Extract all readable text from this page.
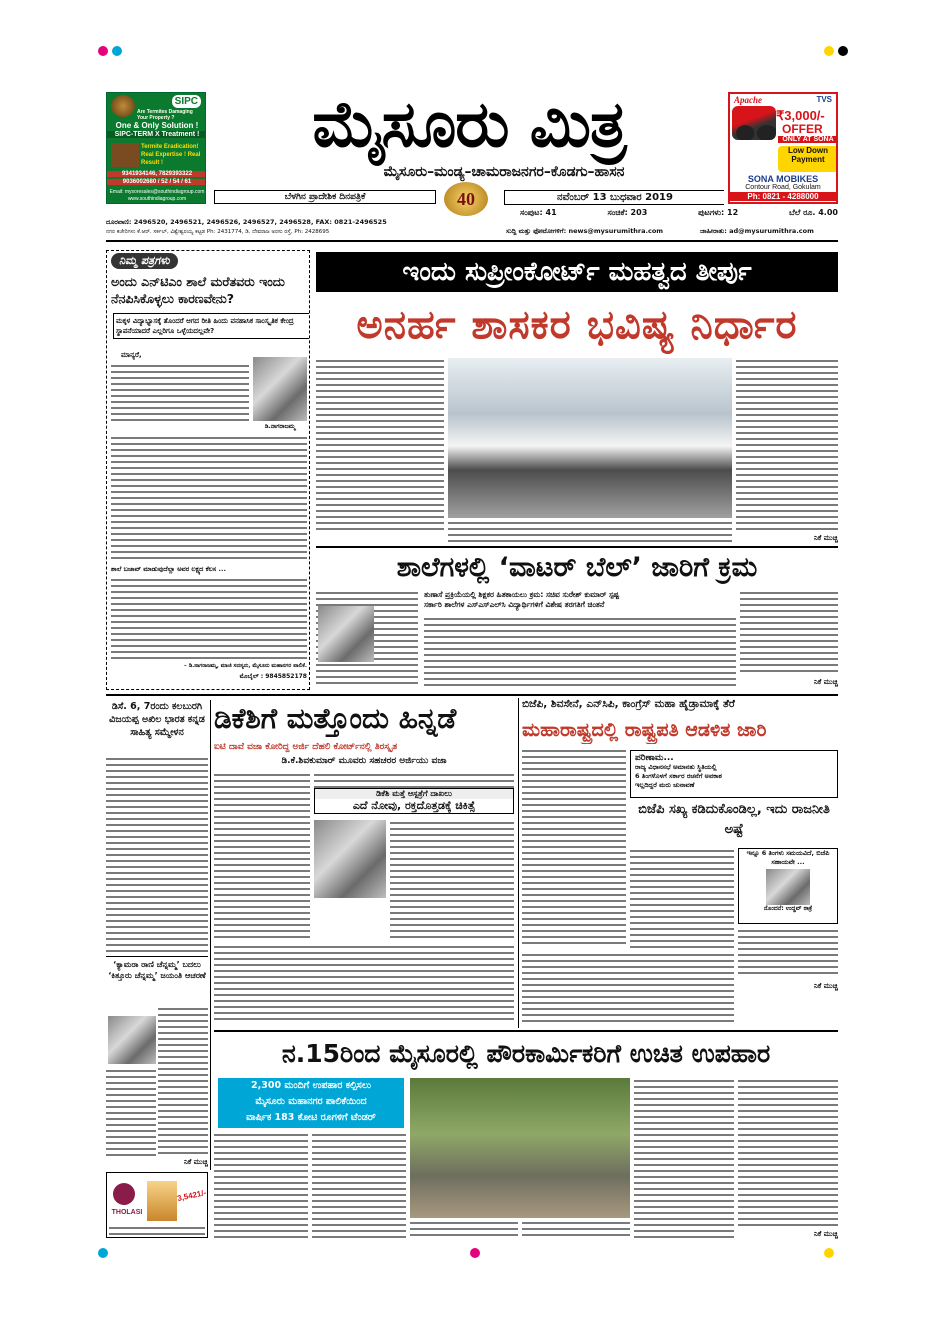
SIPC
Are Termites Damaging Your Property ?
One & Only Solution !
SIPC-TERM X Treatment !
Termite Eradication! Real Expertise ! Real Result !
9341934146, 7829393322
9036002680 / 52 / 54 / 61
Email: mysoresales@southindiagroup.com
www.southindiagroup.com
ಮೈಸೂರು ಮಿತ್ರ
ಮೈಸೂರು–ಮಂಡ್ಯ–ಚಾಮರಾಜನಗರ–ಕೊಡಗು–ಹಾಸನ
ಬೆಳಗಿನ ಪ್ರಾದೇಶಿಕ ದಿನಪತ್ರಿಕೆ	40	ನವೆಂಬರ್ 13 ಬುಧವಾರ 2019
Apache	TVS
₹3,000/-
OFFER
ONLY AT SONA
Low Down
Payment
SONA MOBIKES
Contour Road, Gokulam
Ph: 0821 - 4288000
ಸಂಪುಟ: 41	ಸಂಚಿಕೆ: 203	ಪುಟಗಳು: 12	ಬೆಲೆ ರೂ. 4.00
ದೂರವಾಣಿ: 2496520, 2496521, 2496526, 2496527, 2496528, FAX: 0821-2496525
ನಗರ ಕಚೇರಿಗಳು ಕೆ.ಆರ್. ಸರ್ಕಲ್, ವಿಶ್ವೇಶ್ವರಯ್ಯ ಕಟ್ಟಡ Ph: 2431774, ಡಿ. ದೇವರಾಜ ಅರಸು ರಸ್ತೆ, Ph: 2428695	ಸುದ್ದಿ ಮತ್ತು ಫೋಟೋಗಳಿಗೆ: news@mysurumithra.com	ಜಾಹೀರಾತು: ad@mysurumithra.com
ನಿಮ್ಮ ಪತ್ರಗಳು
ಅಂದು ಎನ್‌ಟಿಎಂ ಶಾಲೆ ಮರೆತವರು ಇಂದು ನೆನಪಿಸಿಕೊಳ್ಳಲು ಕಾರಣವೇನು?
ಮಕ್ಕಳ ವಿದ್ಯಾಭ್ಯಾಸಕ್ಕೆ ತೊಂದರೆ ಆಗದ ರೀತಿ ಹಿಂದು ವನಹಾಸಿಕ ಸಾಂಸ್ಕೃತಿಕ ಕೇಂದ್ರ ಸ್ಥಾಪನೆಯಾದರೆ ಎಲ್ಲರಿಗೂ ಒಳ್ಳೆಯದಲ್ಲವೇ?
ಮಾನ್ಯರೆ,
ಡಿ.ನಾಗರಾಜಮ್ಮ
ಶಾಲೆ ಬಚಾವ್ ಮಾಡುವುದೆಲ್ಲಾ ಅವರ ಲಕ್ಷ್ಯದ ಕೆಲಸ ...
– ಡಿ.ನಾಗರಾಜಮ್ಮ, ಮಾಜಿ ಸದಸ್ಯರು, ಮೈಸೂರು ಮಹಾನಗರ ಪಾಲಿಕೆ.
ಮೊಬೈಲ್ : 9845852178
ಇಂದು ಸುಪ್ರೀಂಕೋರ್ಟ್ ಮಹತ್ವದ ತೀರ್ಪು
ಅನರ್ಹ ಶಾಸಕರ ಭವಿಷ್ಯ ನಿರ್ಧಾರ
ನಿಕೆ ಮುಚ್ಚಿ
ಶಾಲೆಗಳಲ್ಲಿ ‘ವಾಟರ್ ಬೆಲ್’ ಜಾರಿಗೆ ಕ್ರಮ
ತುಣಾಸೆ ಪ್ರಕ್ರಿಯೆಯಲ್ಲಿ ಶಿಕ್ಷಕರ ಹಿತಕಾಯಲು ಕ್ರಮ: ಸಚಿವ ಸುರೇಶ್ ಕುಮಾರ್ ಸ್ಪಷ್ಟ
ಸರ್ಕಾರಿ ಶಾಲೆಗಳ ಎಸ್‌ಎಸ್‌ಎಲ್‌ಸಿ ವಿದ್ಯಾರ್ಥಿಗಳಿಗೆ ವಿಶೇಷ ತರಗತಿಗೆ ಚಿಂತನೆ
ನಿಕೆ ಮುಚ್ಚಿ
ಡಿಸೆ. 6, 7ರಂದು ಕಲಬುರಗಿ ವಿಜಯಪ್ಪ ಅಖಿಲ ಭಾರತ ಕನ್ನಡ ಸಾಹಿತ್ಯ ಸಮ್ಮೇಳನ
‘ಕ್ಯಾಮರಾ ರಾಣಿ ಚೆನ್ನಮ್ಮ’ ಬದಲು ‘ಕಿತ್ತೂರು ಚೆನ್ನಮ್ಮ’ ಜಯಂತಿ ಆಚರಣೆ
ನಿಕೆ ಮುಚ್ಚಿ
THOLASI
3,5421/-
ಡಿಕೆಶಿಗೆ ಮತ್ತೊಂದು ಹಿನ್ನಡೆ
ಐಟಿ ದಾವೆ ವಜಾ ಕೋರಿದ್ದ ಅರ್ಜಿ ದೆಹಲಿ ಕೋರ್ಟ್‌ನಲ್ಲಿ ತಿರಸ್ಕೃತ
ಡಿ.ಕೆ.ಶಿವಕುಮಾರ್ ಮೂವರು ಸಹಚರರ ಅರ್ಜಿಯು ವಜಾ
ಡಿಕೆಶಿ ಮತ್ತೆ ಆಸ್ಪತ್ರೆಗೆ ದಾಖಲು
ಎದೆ ನೋವು, ರಕ್ತದೊತ್ತಡಕ್ಕೆ ಚಿಕಿತ್ಸೆ
ಬಿಜೆಪಿ, ಶಿವಸೇನೆ, ಎನ್‌ಸಿಪಿ, ಕಾಂಗ್ರೆಸ್ ಮಹಾ ಹೈಡ್ರಾಮಾಕ್ಕೆ ತೆರೆ
ಮಹಾರಾಷ್ಟ್ರದಲ್ಲಿ ರಾಷ್ಟ್ರಪತಿ ಆಡಳಿತ ಜಾರಿ
ಪರಿಣಾಮ...
ರಾಜ್ಯ ವಿಧಾನಸಭೆ ಅಮಾನತು ಸ್ಥಿತಿಯಲ್ಲಿ
6 ತಿಂಗಳೊಳಗೆ ಸರ್ಕಾರ ರಚನೆಗೆ ಅವಕಾಶ
ಇಲ್ಲದಿದ್ದರೆ ಮರು ಚುನಾವಣೆ
ಬಿಜೆಪಿ ಸಖ್ಯ ಕಡಿದುಕೊಂಡಿಲ್ಲ, ಇದು ರಾಜನೀತಿ ಅಷ್ಟೆ
ಇನ್ನೂ 6 ತಿಂಗಳು ಸಮಯವಿದೆ, ಬಿಜೆಪಿ ಸಹಾಯವೇ ...
ನೊಂದನೆ: ಉದ್ಧವ್ ಠಾಕ್ರೆ
ನಿಕೆ ಮುಚ್ಚಿ
ನ.15ರಿಂದ ಮೈಸೂರಲ್ಲಿ ಪೌರಕಾರ್ಮಿಕರಿಗೆ ಉಚಿತ ಉಪಹಾರ
2,300 ಮಂದಿಗೆ ಉಪಹಾರ ಕಲ್ಪಿಸಲು
ಮೈಸೂರು ಮಹಾನಗರ ಪಾಲಿಕೆಯಿಂದ
ವಾರ್ಷಿಕ 183 ಕೋಟಿ ರೂಗಳಿಗೆ ಟೆಂಡರ್
ನಿಕೆ ಮುಚ್ಚಿ
